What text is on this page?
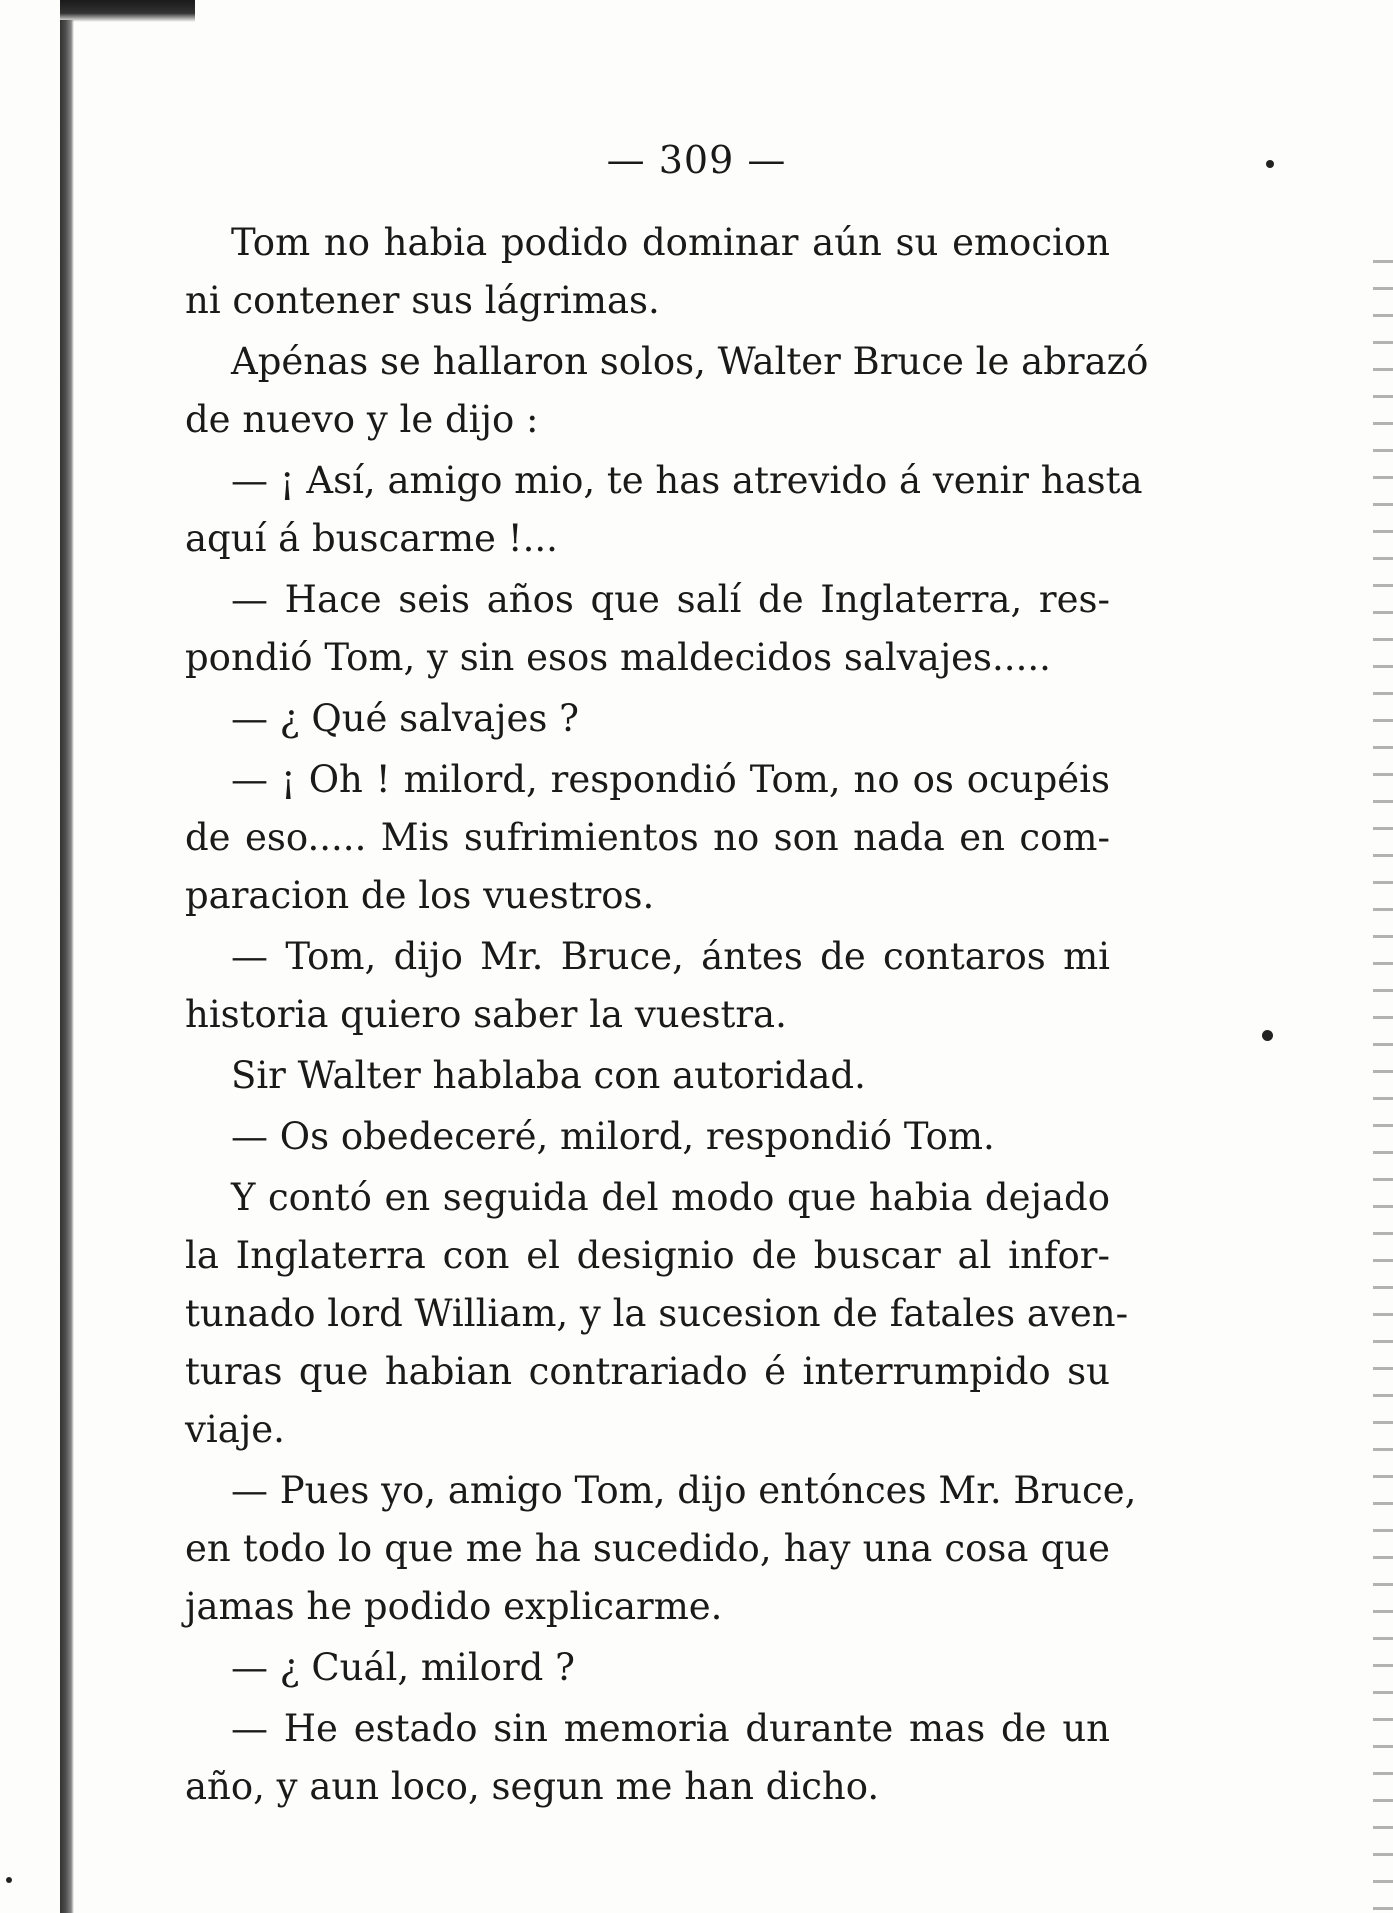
— 309 —
Tom no habia podido dominar aún su emocion
ni contener sus lágrimas.
Apénas se hallaron solos, Walter Bruce le abrazó
de nuevo y le dijo :
— ¡ Así, amigo mio, te has atrevido á venir hasta
aquí á buscarme !...
— Hace seis años que salí de Inglaterra, res-
pondió Tom, y sin esos maldecidos salvajes.....
— ¿ Qué salvajes ?
— ¡ Oh ! milord, respondió Tom, no os ocupéis
de eso..... Mis sufrimientos no son nada en com-
paracion de los vuestros.
— Tom, dijo Mr. Bruce, ántes de contaros mi
historia quiero saber la vuestra.
Sir Walter hablaba con autoridad.
— Os obedeceré, milord, respondió Tom.
Y contó en seguida del modo que habia dejado
la Inglaterra con el designio de buscar al infor-
tunado lord William, y la sucesion de fatales aven-
turas que habian contrariado é interrumpido su
viaje.
— Pues yo, amigo Tom, dijo entónces Mr. Bruce,
en todo lo que me ha sucedido, hay una cosa que
jamas he podido explicarme.
— ¿ Cuál, milord ?
— He estado sin memoria durante mas de un
año, y aun loco, segun me han dicho.
